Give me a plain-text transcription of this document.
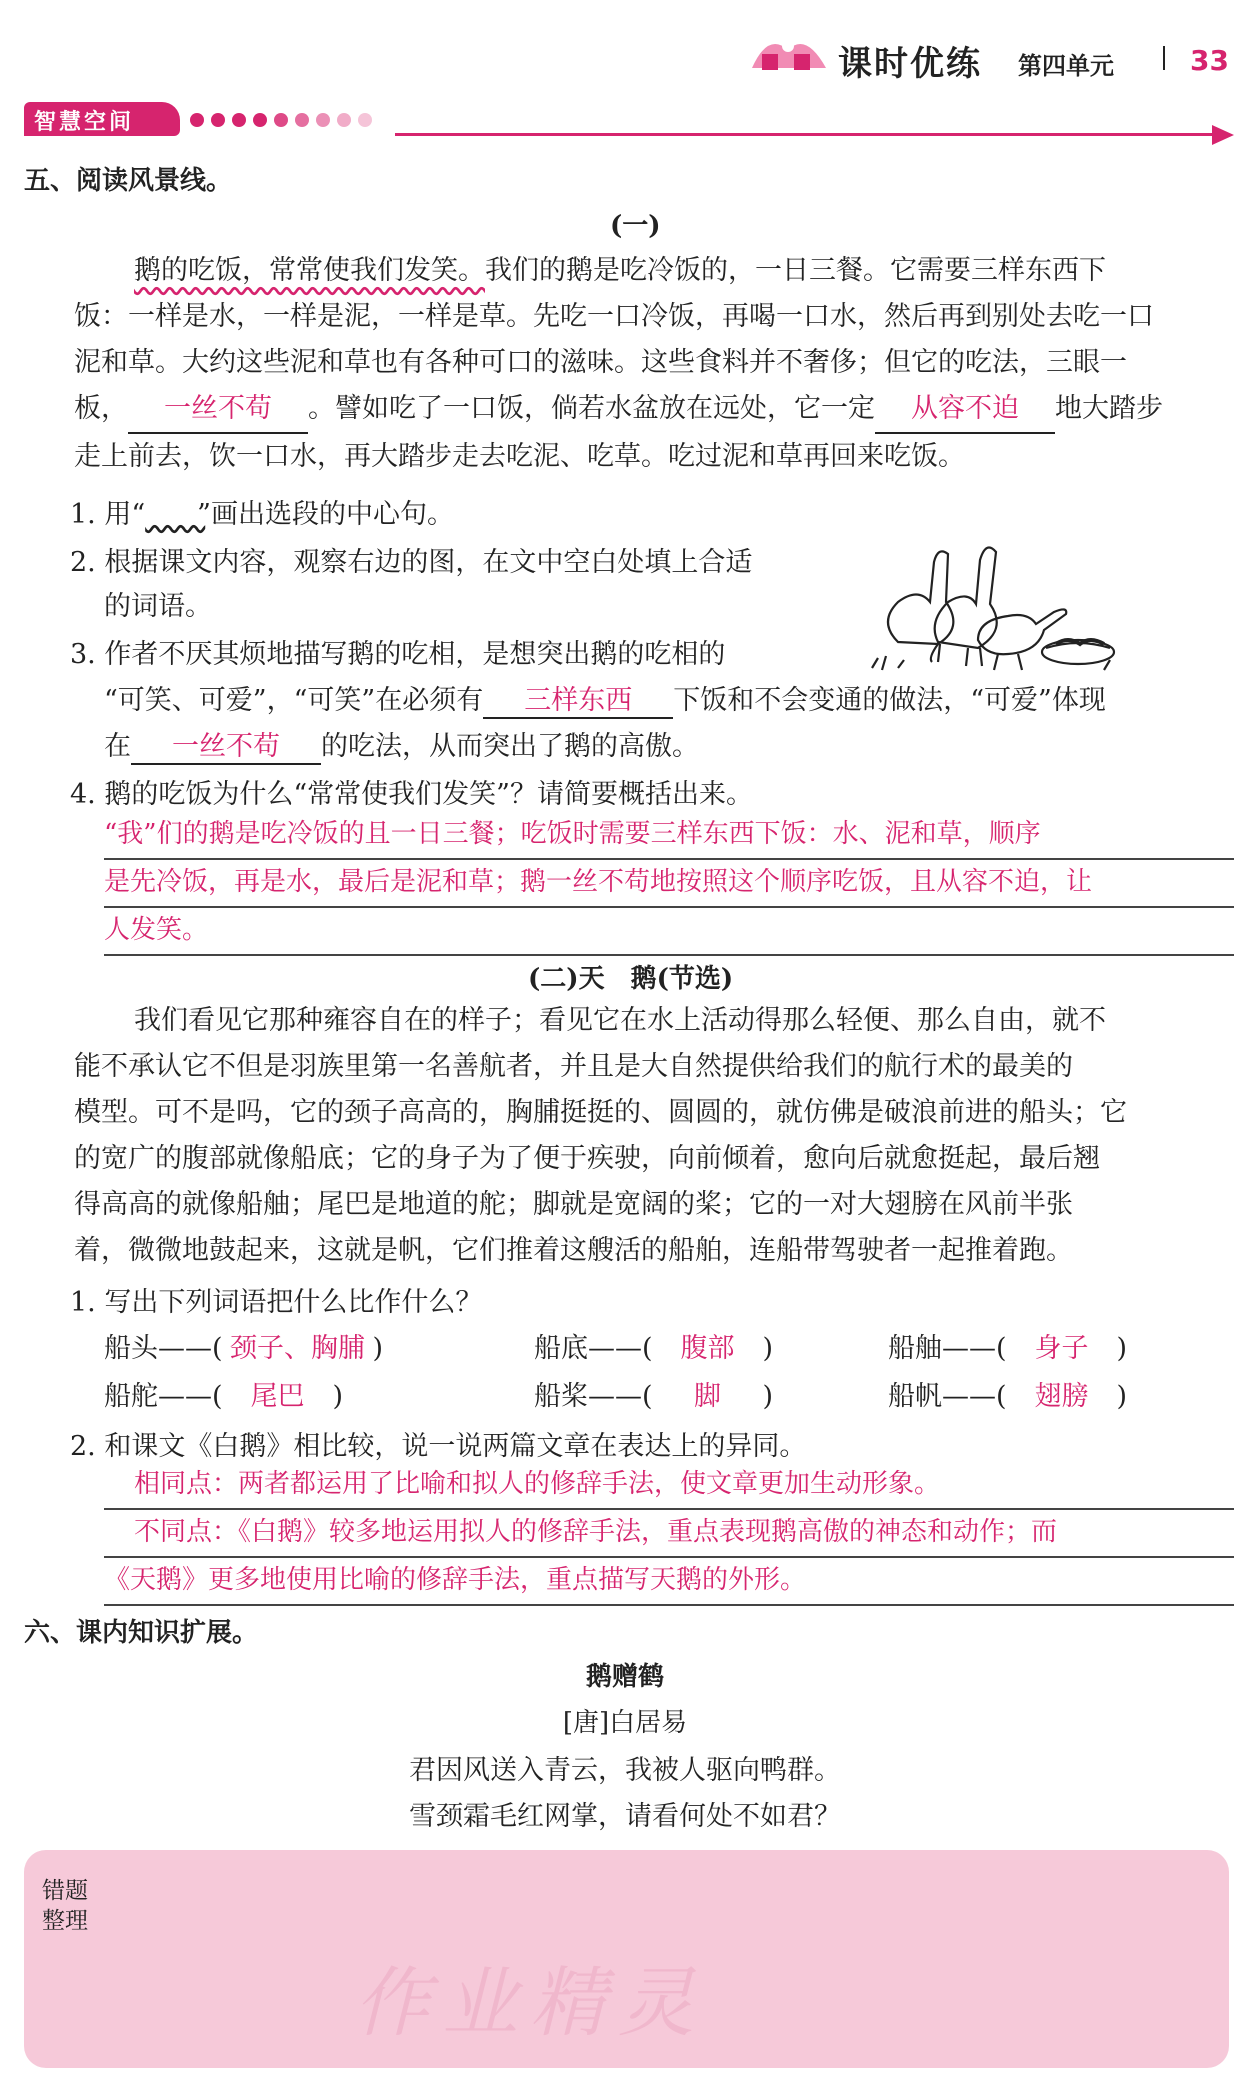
课时优练 第四单元	33
智慧空间
五、阅读风景线。
(一)
鹅的吃饭，常常使我们发笑。我们的鹅是吃冷饭的，一日三餐。它需要三样东西下
饭：一样是水，一样是泥，一样是草。先吃一口冷饭，再喝一口水，然后再到别处去吃一口
泥和草。大约这些泥和草也有各种可口的滋味。这些食料并不奢侈；但它的吃法，三眼一
板， 一丝不苟 。譬如吃了一口饭，倘若水盆放在远处，它一定 从容不迫 地大踏步
走上前去，饮一口水，再大踏步走去吃泥、吃草。吃过泥和草再回来吃饭。
1. 用“​       ”画出选段的中心句。
2. 根据课文内容，观察右边的图，在文中空白处填上合适
的词语。
3. 作者不厌其烦地描写鹅的吃相，是想突出鹅的吃相的
“可笑、可爱”，“可笑”在必须有 三样东西 下饭和不会变通的做法，“可爱”体现
在 一丝不苟 的吃法，从而突出了鹅的高傲。
4. 鹅的吃饭为什么“常常使我们发笑”？请简要概括出来。
“我”们的鹅是吃冷饭的且一日三餐；吃饭时需要三样东西下饭：水、泥和草，顺序
是先冷饭，再是水，最后是泥和草；鹅一丝不苟地按照这个顺序吃饭，且从容不迫，让
人发笑。
(二)天　鹅(节选)
我们看见它那种雍容自在的样子；看见它在水上活动得那么轻便、那么自由，就不
能不承认它不但是羽族里第一名善航者，并且是大自然提供给我们的航行术的最美的
模型。可不是吗，它的颈子高高的，胸脯挺挺的、圆圆的，就仿佛是破浪前进的船头；它
的宽广的腹部就像船底；它的身子为了便于疾驶，向前倾着，愈向后就愈挺起，最后翘
得高高的就像船舳；尾巴是地道的舵；脚就是宽阔的桨；它的一对大翅膀在风前半张
着，微微地鼓起来，这就是帆，它们推着这艘活的船舶，连船带驾驶者一起推着跑。
1. 写出下列词语把什么比作什么？
船头——( 颈子、胸脯 )	船底——( 腹部 )	船舳——( 身子 )
船舵——( 尾巴 )	船桨——( 脚 )	船帆——( 翅膀 )
2. 和课文《白鹅》相比较，说一说两篇文章在表达上的异同。
相同点：两者都运用了比喻和拟人的修辞手法，使文章更加生动形象。
不同点：《白鹅》较多地运用拟人的修辞手法，重点表现鹅高傲的神态和动作；而
《天鹅》更多地使用比喻的修辞手法，重点描写天鹅的外形。
六、课内知识扩展。
鹅赠鹤
[唐]白居易
君因风送入青云，我被人驱向鸭群。
雪颈霜毛红网掌，请看何处不如君？
错题
整理
作业精灵
